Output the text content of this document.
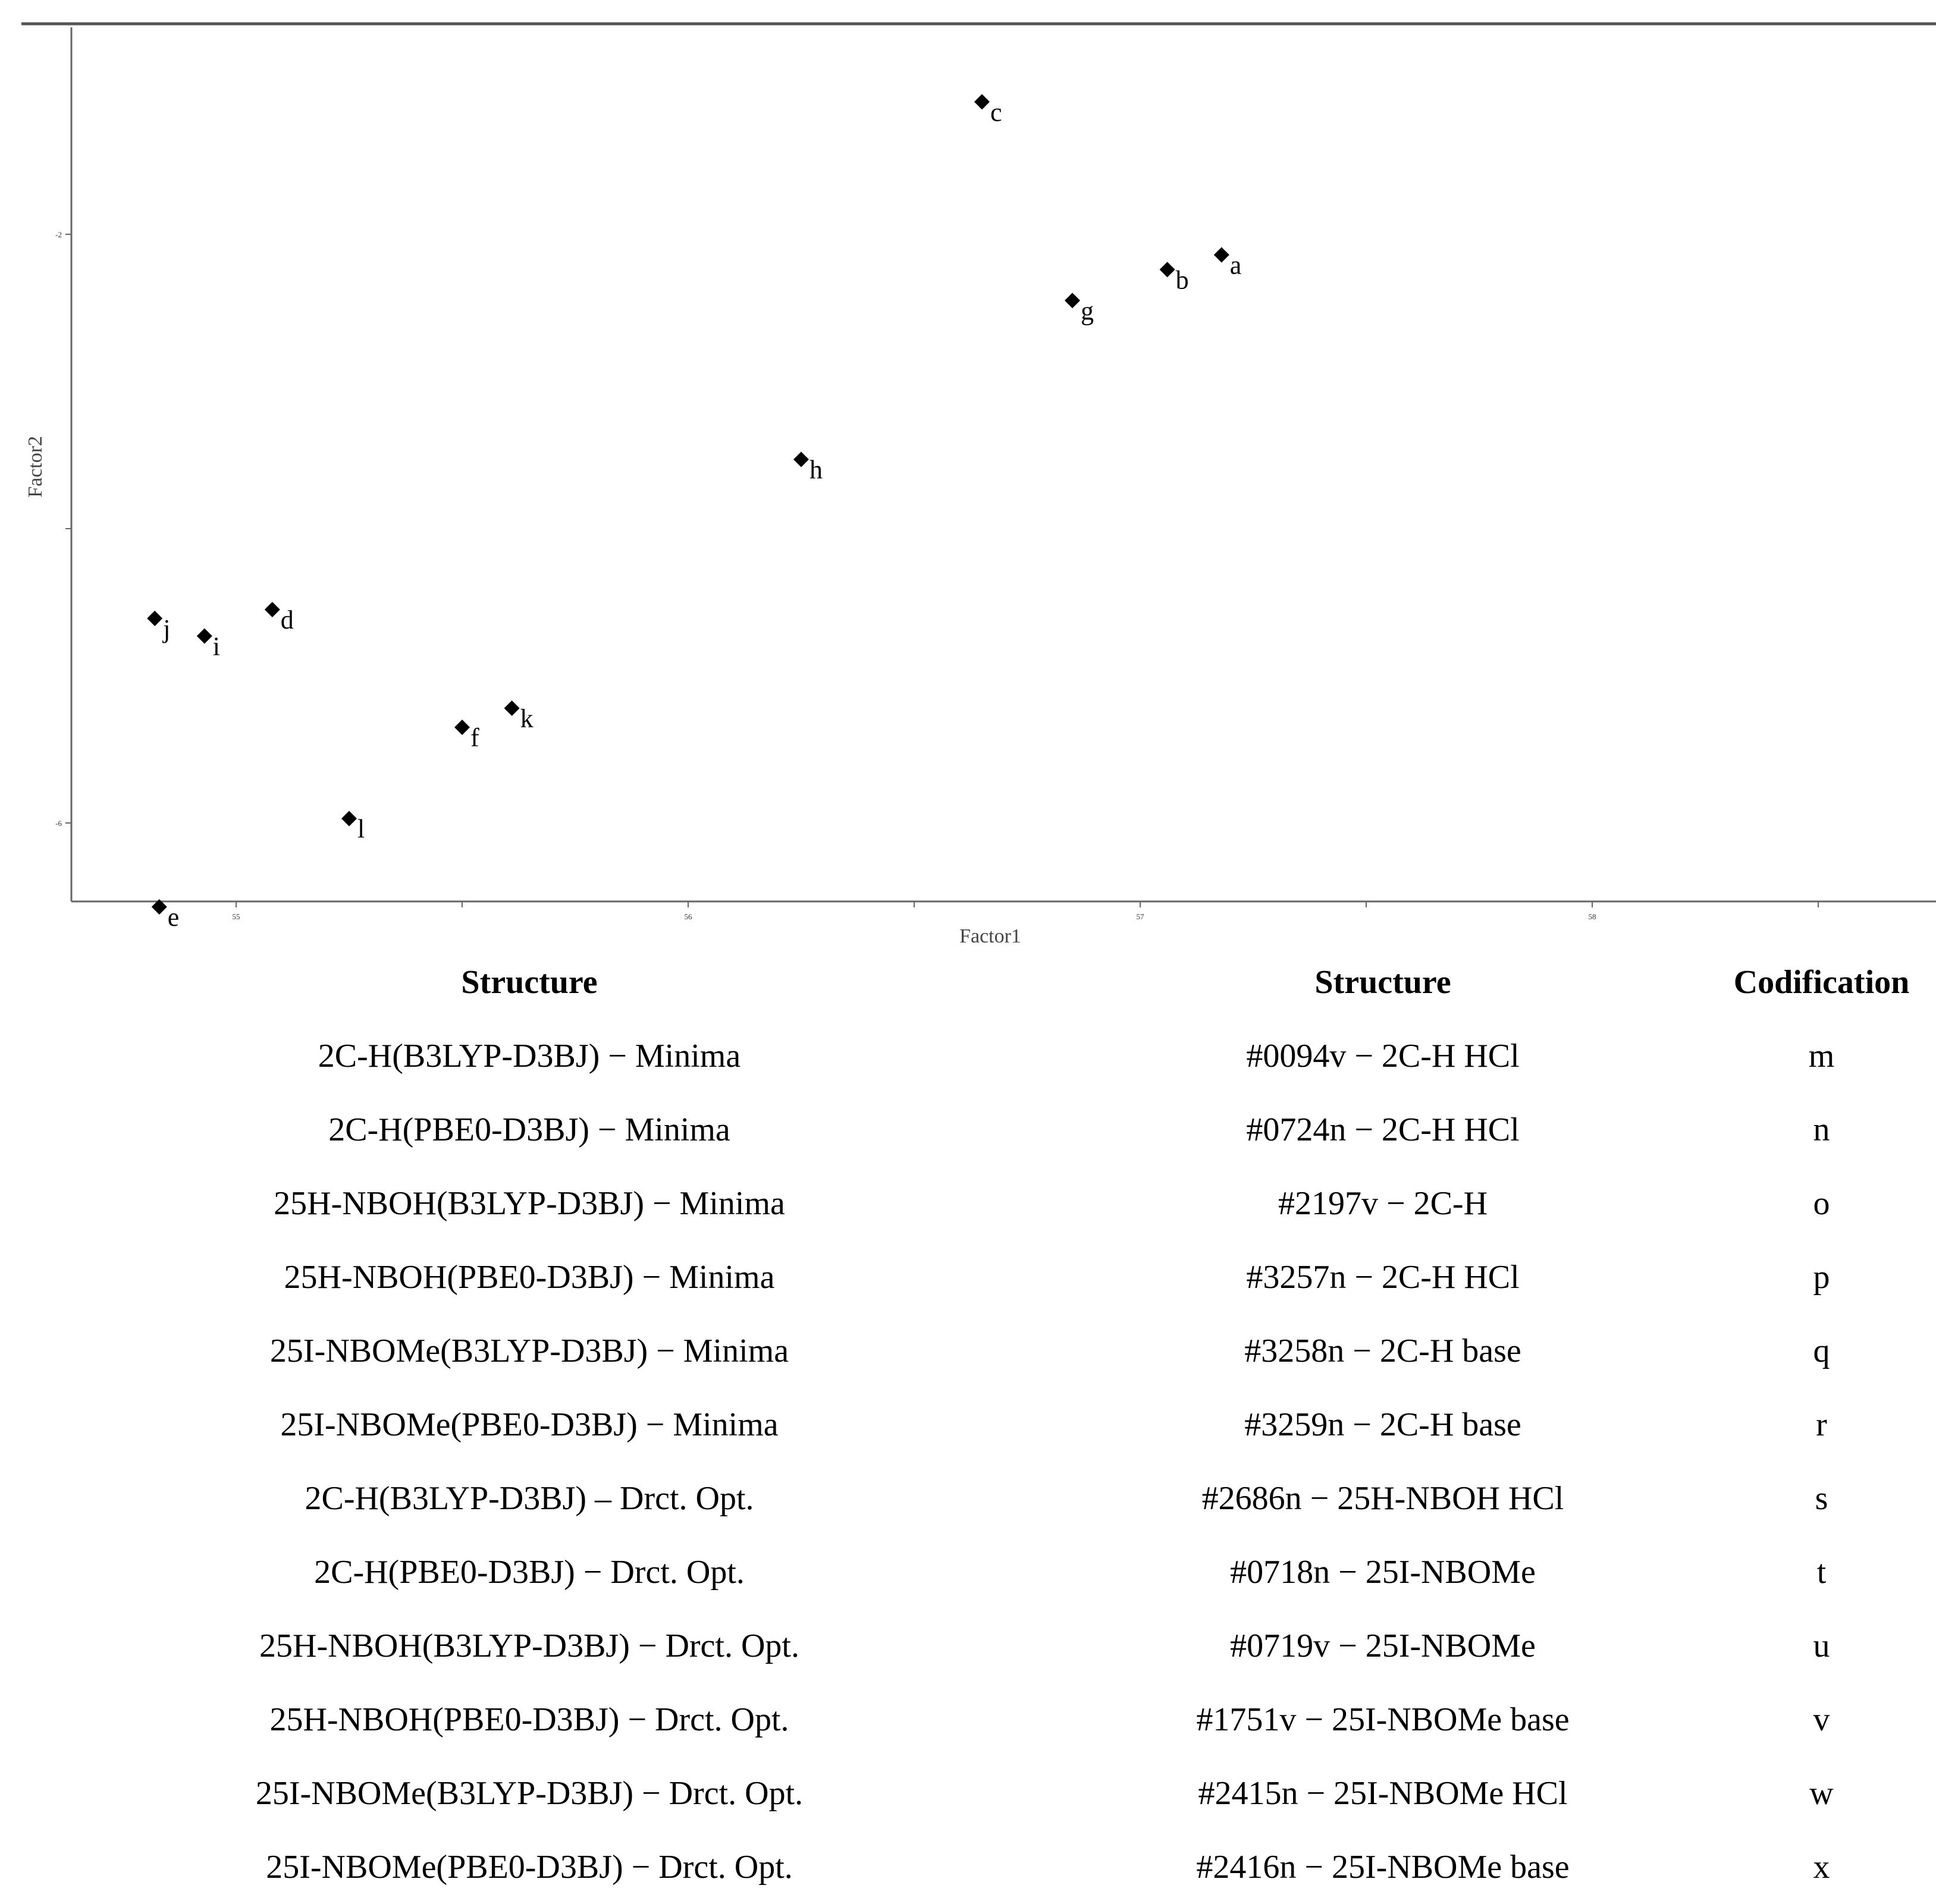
55	56	57	58
-6
-2
a
b
c
d
e
f
g
h
i
j
k
l
Factor1
Factor2
Structure		Structure	Codification
2C-H(B3LYP-D3BJ) − Minima		#0094v − 2C-H HCl	m
2C-H(PBE0-D3BJ) − Minima		#0724n − 2C-H HCl	n
25H-NBOH(B3LYP-D3BJ) − Minima		#2197v − 2C-H	o
25H-NBOH(PBE0-D3BJ) − Minima		#3257n − 2C-H HCl	p
25I-NBOMe(B3LYP-D3BJ) − Minima		#3258n − 2C-H base	q
25I-NBOMe(PBE0-D3BJ) − Minima		#3259n − 2C-H base	r
2C-H(B3LYP-D3BJ) – Drct. Opt.		#2686n − 25H-NBOH HCl	s
2C-H(PBE0-D3BJ) − Drct. Opt.		#0718n − 25I-NBOMe	t
25H-NBOH(B3LYP-D3BJ) − Drct. Opt.		#0719v − 25I-NBOMe	u
25H-NBOH(PBE0-D3BJ) − Drct. Opt.		#1751v − 25I-NBOMe base	v
25I-NBOMe(B3LYP-D3BJ) − Drct. Opt.		#2415n − 25I-NBOMe HCl	w
25I-NBOMe(PBE0-D3BJ) − Drct. Opt.		#2416n − 25I-NBOMe base	x
